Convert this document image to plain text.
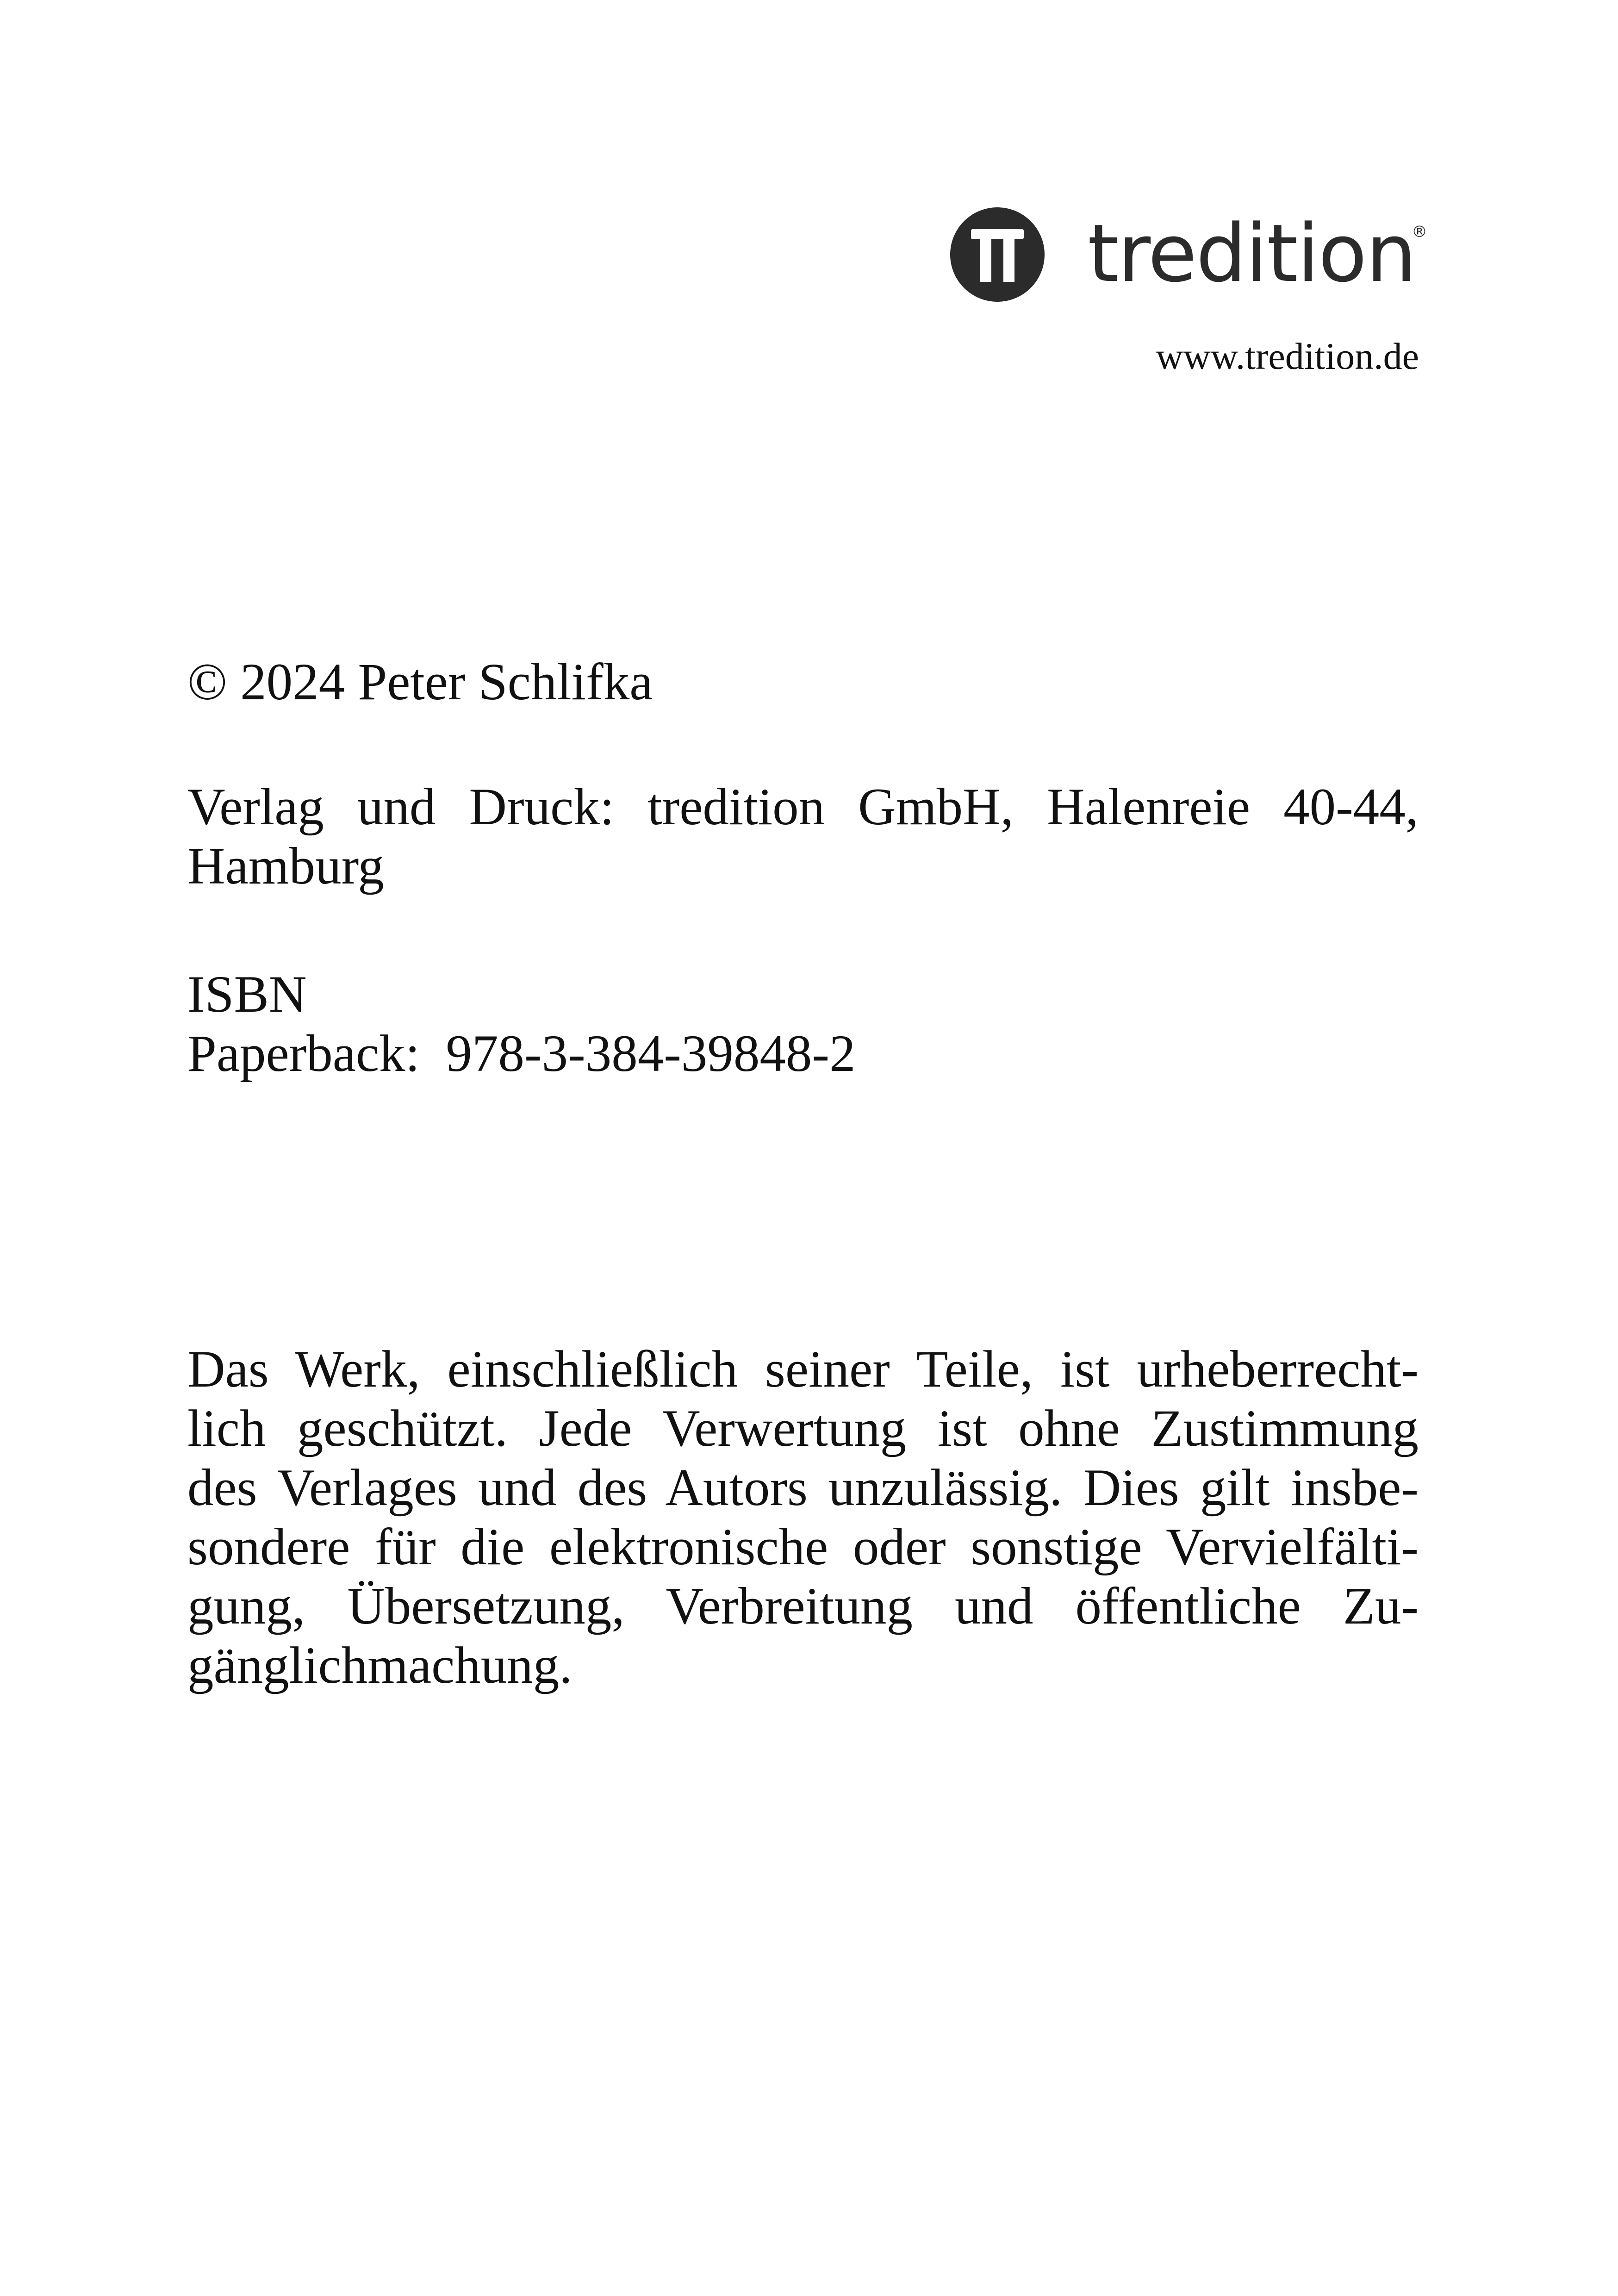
tredition
®
www.tredition.de
© 2024 Peter Schlifka
Verlag und Druck: tredition GmbH, Halenreie 40-44,
Hamburg
ISBN
Paperback:  978-3-384-39848-2
Das Werk, einschließlich seiner Teile, ist urheberrecht-
lich geschützt. Jede Verwertung ist ohne Zustimmung
des Verlages und des Autors unzulässig. Dies gilt insbe-
sondere für die elektronische oder sonstige Vervielfälti-
gung, Übersetzung, Verbreitung und öffentliche Zu-
gänglichmachung.
